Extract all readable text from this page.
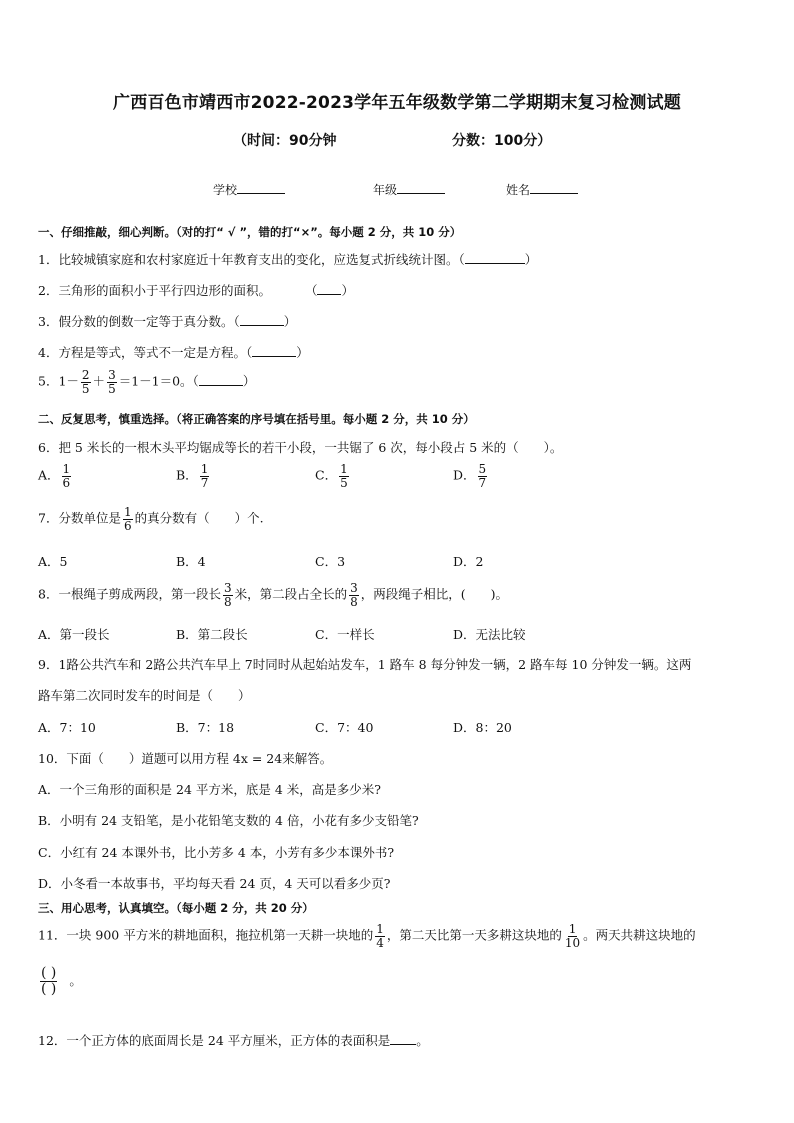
广西百色市靖西市2022-2023学年五年级数学第二学期期末复习检测试题
（时间：90分钟	分数：100分）
学校	年级	姓名
一、仔细推敲，细心判断。（对的打“ √ ”，错的打“×”。每小题 2 分，共 10 分）
1．比较城镇家庭和农村家庭近十年教育支出的变化，应选复式折线统计图。（	）
2．三角形的面积小于平行四边形的面积。	（ ）
3．假分数的倒数一定等于真分数。（	）
4．方程是等式，等式不一定是方程。（	）
5．$1- \frac{2}{5} + \frac{3}{5} =1-1=0$。（	）
二、反复思考，慎重选择。（将正确答案的序号填在括号里。每小题 2 分，共 10 分）
6．把 5 米长的一根木头平均锯成等长的若干小段，一共锯了 6 次，每小段占 5 米的（　　）。
A． $\frac{1}{6}$	B． $\frac{1}{7}$	C． $\frac{1}{5}$	D． $\frac{5}{7}$
7．分数单位是 $\frac{1}{6}$ 的真分数有（　　）个.
A．5	B．4	C．3	D．2
8．一根绳子剪成两段，第一段长 $\frac{3}{8}$ 米，第二段占全长的 $\frac{3}{8}$ ，两段绳子相比，(　　)。
A．第一段长	B．第二段长	C．一样长	D．无法比较
9．1路公共汽车和 2路公共汽车早上 7时同时从起始站发车，1 路车 8 每分钟发一辆，2 路车每 10 分钟发一辆。这两
路车第二次同时发车的时间是（　　）
A．7：10	B．7：18	C．7：40	D．8：20
10．下面（　　）道题可以用方程 4x = 24来解答。
A．一个三角形的面积是 24 平方米，底是 4 米，高是多少米?
B．小明有 24 支铅笔，是小花铅笔支数的 4 倍，小花有多少支铅笔?
C．小红有 24 本课外书，比小芳多 4 本，小芳有多少本课外书?
D．小冬看一本故事书，平均每天看 24 页，4 天可以看多少页?
三、用心思考，认真填空。（每小题 2 分，共 20 分）
11．一块 900 平方米的耕地面积，拖拉机第一天耕一块地的 $\frac{1}{4}$ ，第二天比第一天多耕这块地的 $\frac{1}{10}$ 。两天共耕这块地的
$\frac{( )}{( )}$ 。
12．一个正方体的底面周长是 24 平方厘米，正方体的表面积是 。
